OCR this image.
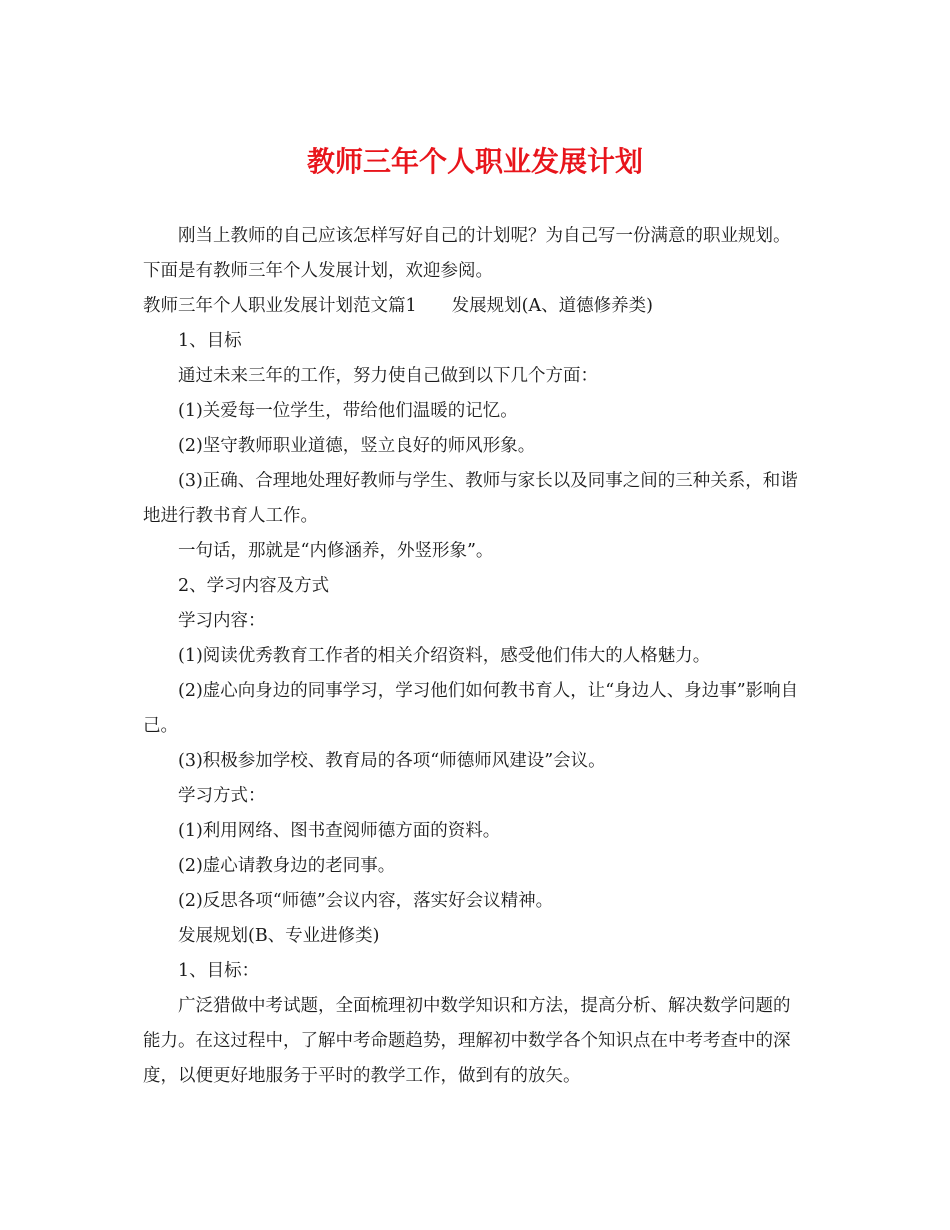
教师三年个人职业发展计划

刚当上教师的自己应该怎样写好自己的计划呢？为自己写一份满意的职业规划。下面是有教师三年个人发展计划，欢迎参阅。

教师三年个人职业发展计划范文篇1　　发展规划(A、道德修养类)

1、目标

通过未来三年的工作，努力使自己做到以下几个方面：

(1)关爱每一位学生，带给他们温暖的记忆。

(2)坚守教师职业道德，竖立良好的师风形象。

(3)正确、合理地处理好教师与学生、教师与家长以及同事之间的三种关系，和谐地进行教书育人工作。

一句话，那就是“内修涵养，外竖形象”。

2、学习内容及方式

学习内容：

(1)阅读优秀教育工作者的相关介绍资料，感受他们伟大的人格魅力。

(2)虚心向身边的同事学习，学习他们如何教书育人，让“身边人、身边事”影响自己。

(3)积极参加学校、教育局的各项“师德师风建设”会议。

学习方式：

(1)利用网络、图书查阅师德方面的资料。

(2)虚心请教身边的老同事。

(2)反思各项“师德”会议内容，落实好会议精神。

发展规划(B、专业进修类)

1、目标：

广泛猎做中考试题，全面梳理初中数学知识和方法，提高分析、解决数学问题的能力。在这过程中，了解中考命题趋势，理解初中数学各个知识点在中考考查中的深度，以便更好地服务于平时的教学工作，做到有的放矢。
